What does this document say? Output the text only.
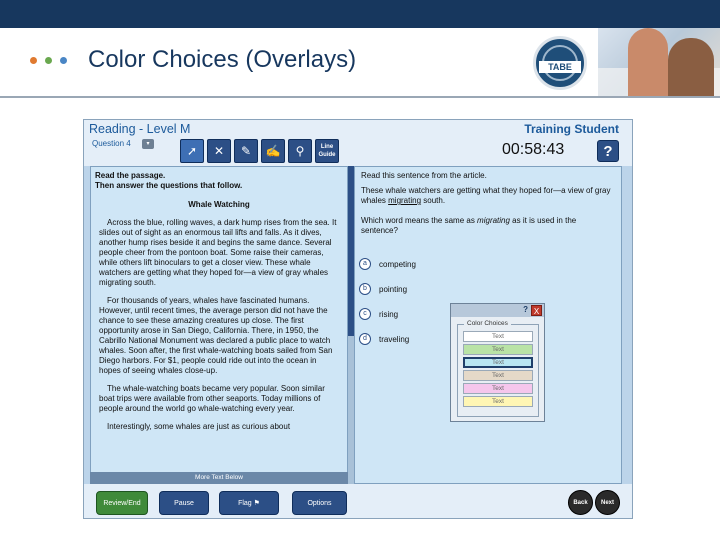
Color Choices (Overlays)	TABE
Reading - Level M
Question 4	▾	➚	✕	✎	✍	⚲	Line Guide
Training Student
00:58:43	?

Read the passage.

Then answer the questions that follow.

Whale Watching

Across the blue, rolling waves, a dark hump rises from the sea. It slides out of sight as an enormous tail lifts and falls. As it dives, another hump rises beside it and begins the same dance. Several people cheer from the pontoon boat. Some raise their cameras, while others lift binoculars to get a closer view. These whale watchers are getting what they hoped for—a view of gray whales migrating south.

For thousands of years, whales have fascinated humans. However, until recent times, the average person did not have the chance to see these amazing creatures up close. The first opportunity arose in San Diego, California. There, in 1950, the Cabrillo National Monument was declared a public place to watch whales. Soon after, the first whale-watching boats sailed from San Diego harbors. For $1, people could ride out into the ocean in hopes of seeing whales close-up.

The whale-watching boats became very popular. Soon similar boat trips were available from other seaports. Today millions of people around the world go whale-watching every year.

Interestingly, some whales are just as curious about

More Text Below

Read this sentence from the article.

These whale watchers are getting what they hoped for—a view of gray whales migrating south.

Which word means the same as migrating as it is used in the sentence?

a	competing
b	pointing
c	rising
d	traveling
Review/End Test
Pause	Flag ⚑	Options	Back	Next
? X
Color Choices
Text
Text
Text
Text
Text
Text
